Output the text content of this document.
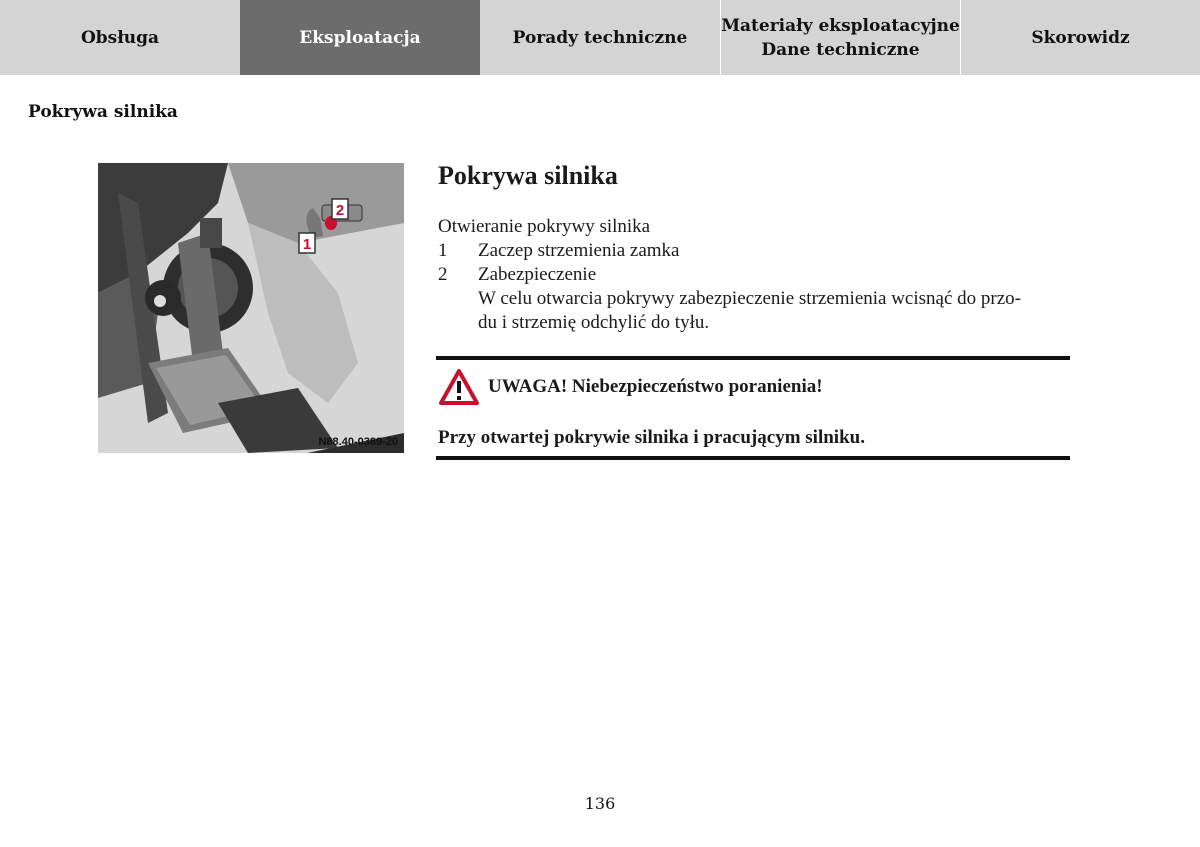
Obsługa	Eksploatacja	Porady techniczne
Materiały eksploatacyjne
Dane techniczne
Skorowidz
Pokrywa silnika
1
2
N88.40-0389-20
Pokrywa silnika
Otwieranie pokrywy silnika
1	Zaczep strzemienia zamka
2	Zabezpieczenie
W celu otwarcia pokrywy zabezpieczenie strzemienia wcisnąć do przo-
du i strzemię odchylić do tyłu.
UWAGA! Niebezpieczeństwo poranienia!
Przy otwartej pokrywie silnika i pracującym silniku.
136
